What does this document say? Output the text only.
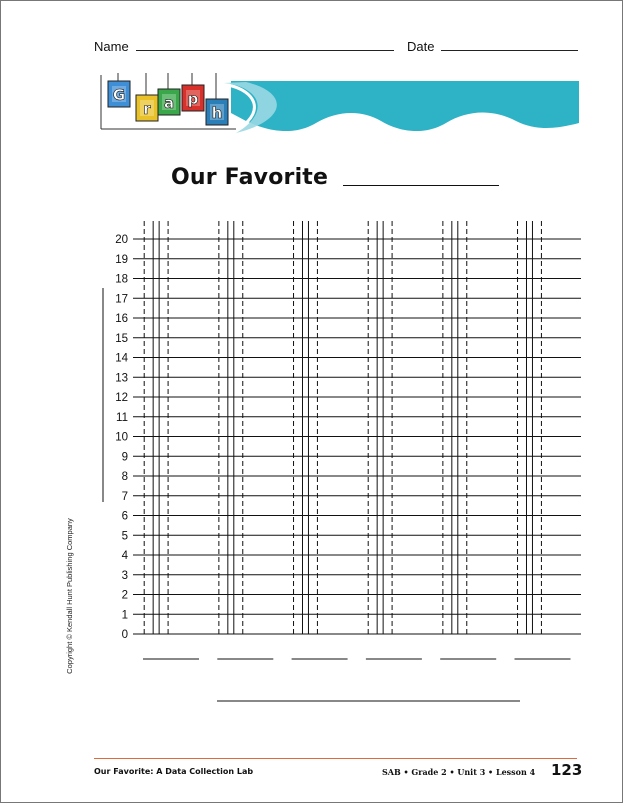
Name	Date
G
r a p
h
Our Favorite
0
1
2
3
4
5
6
7
8
9
10
11
12
13
14
15
16
17
18
19
20
Copyright © Kendall Hunt Publishing Company
Our Favorite: A Data Collection Lab	SAB • Grade 2 • Unit 3 • Lesson 4 123
